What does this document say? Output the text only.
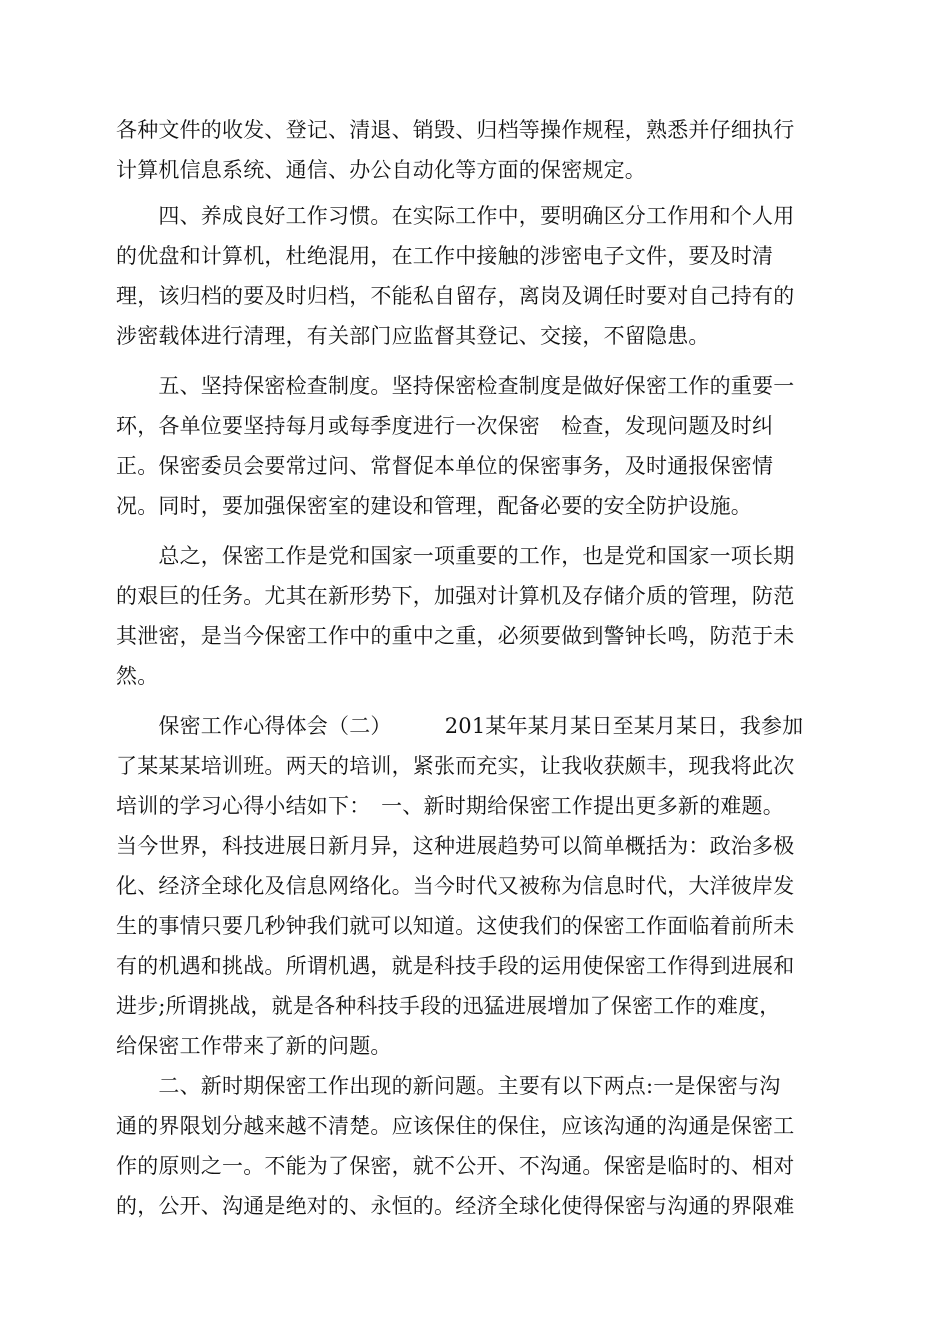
各种文件的收发、登记、清退、销毁、归档等操作规程，熟悉并仔细执行
计算机信息系统、通信、办公自动化等方面的保密规定。

　　四、养成良好工作习惯。在实际工作中，要明确区分工作用和个人用
的优盘和计算机，杜绝混用，在工作中接触的涉密电子文件，要及时清
理，该归档的要及时归档，不能私自留存，离岗及调任时要对自己持有的
涉密载体进行清理，有关部门应监督其登记、交接，不留隐患。

　　五、坚持保密检查制度。坚持保密检查制度是做好保密工作的重要一
环，各单位要坚持每月或每季度进行一次保密　检查，发现问题及时纠
正。保密委员会要常过问、常督促本单位的保密事务，及时通报保密情
况。同时，要加强保密室的建设和管理，配备必要的安全防护设施。

　　总之，保密工作是党和国家一项重要的工作，也是党和国家一项长期
的艰巨的任务。尤其在新形势下，加强对计算机及存储介质的管理，防范
其泄密，是当今保密工作中的重中之重，必须要做到警钟长鸣，防范于未
然。

　　保密工作心得体会（二）　　　201某年某月某日至某月某日，我参加
了某某某培训班。两天的培训，紧张而充实，让我收获颇丰，现我将此次
培训的学习心得小结如下：　一、新时期给保密工作提出更多新的难题。
当今世界，科技进展日新月异，这种进展趋势可以简单概括为：政治多极
化、经济全球化及信息网络化。当今时代又被称为信息时代，大洋彼岸发
生的事情只要几秒钟我们就可以知道。这使我们的保密工作面临着前所未
有的机遇和挑战。所谓机遇，就是科技手段的运用使保密工作得到进展和
进步;所谓挑战，就是各种科技手段的迅猛进展增加了保密工作的难度，
给保密工作带来了新的问题。

　　二、新时期保密工作出现的新问题。主要有以下两点:一是保密与沟
通的界限划分越来越不清楚。应该保住的保住，应该沟通的沟通是保密工
作的原则之一。不能为了保密，就不公开、不沟通。保密是临时的、相对
的，公开、沟通是绝对的、永恒的。经济全球化使得保密与沟通的界限难
